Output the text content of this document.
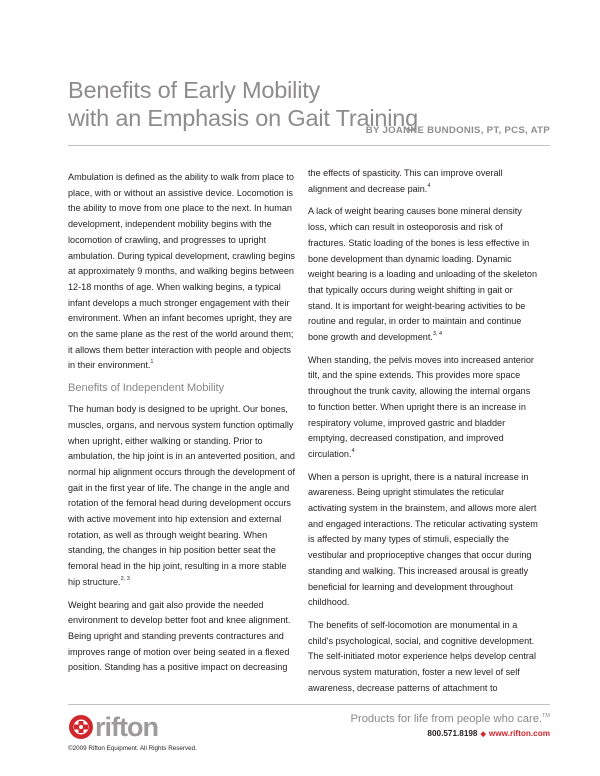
Benefits of Early Mobility
with an Emphasis on Gait Training
BY JOANNE BUNDONIS, PT, PCS, ATP

Ambulation is defined as the ability to walk from place to place, with or without an assistive device. Locomotion is the ability to move from one place to the next. In human development, independent mobility begins with the locomotion of crawling, and progresses to upright ambulation. During typical development, crawling begins at approximately 9 months, and walking begins between 12-18 months of age. When walking begins, a typical infant develops a much stronger engagement with their environment. When an infant becomes upright, they are on the same plane as the rest of the world around them; it allows them better interaction with people and objects in their environment.$^1$

Benefits of Independent Mobility

The human body is designed to be upright. Our bones, muscles, organs, and nervous system function optimally when upright, either walking or standing. Prior to ambulation, the hip joint is in an anteverted position, and normal hip alignment occurs through the development of gait in the first year of life. The change in the angle and rotation of the femoral head during development occurs with active movement into hip extension and external rotation, as well as through weight bearing. When standing, the changes in hip position better seat the femoral head in the hip joint, resulting in a more stable hip structure.$^{2, 3}$

Weight bearing and gait also provide the needed environment to develop better foot and knee alignment. Being upright and standing prevents contractures and improves range of motion over being seated in a flexed position. Standing has a positive impact on decreasing

the effects of spasticity. This can improve overall alignment and decrease pain.$^4$

A lack of weight bearing causes bone mineral density loss, which can result in osteoporosis and risk of fractures. Static loading of the bones is less effective in bone development than dynamic loading. Dynamic weight bearing is a loading and unloading of the skeleton that typically occurs during weight shifting in gait or stand. It is important for weight-bearing activities to be routine and regular, in order to maintain and continue bone growth and development.$^{3, 4}$

When standing, the pelvis moves into increased anterior tilt, and the spine extends. This provides more space throughout the trunk cavity, allowing the internal organs to function better. When upright there is an increase in respiratory volume, improved gastric and bladder emptying, decreased constipation, and improved circulation.$^4$

When a person is upright, there is a natural increase in awareness. Being upright stimulates the reticular activating system in the brainstem, and allows more alert and engaged interactions. The reticular activating system is affected by many types of stimuli, especially the vestibular and proprioceptive changes that occur during standing and walking. This increased arousal is greatly beneficial for learning and development throughout childhood.

The benefits of self-locomotion are monumental in a child's psychological, social, and cognitive development. The self-initiated motor experience helps develop central nervous system maturation, foster a new level of self awareness, decrease patterns of attachment to

rifton	Products for life from people who care.™
800.571.8198 ◆ www.rifton.com
©2009 Rifton Equipment. All Rights Reserved.
